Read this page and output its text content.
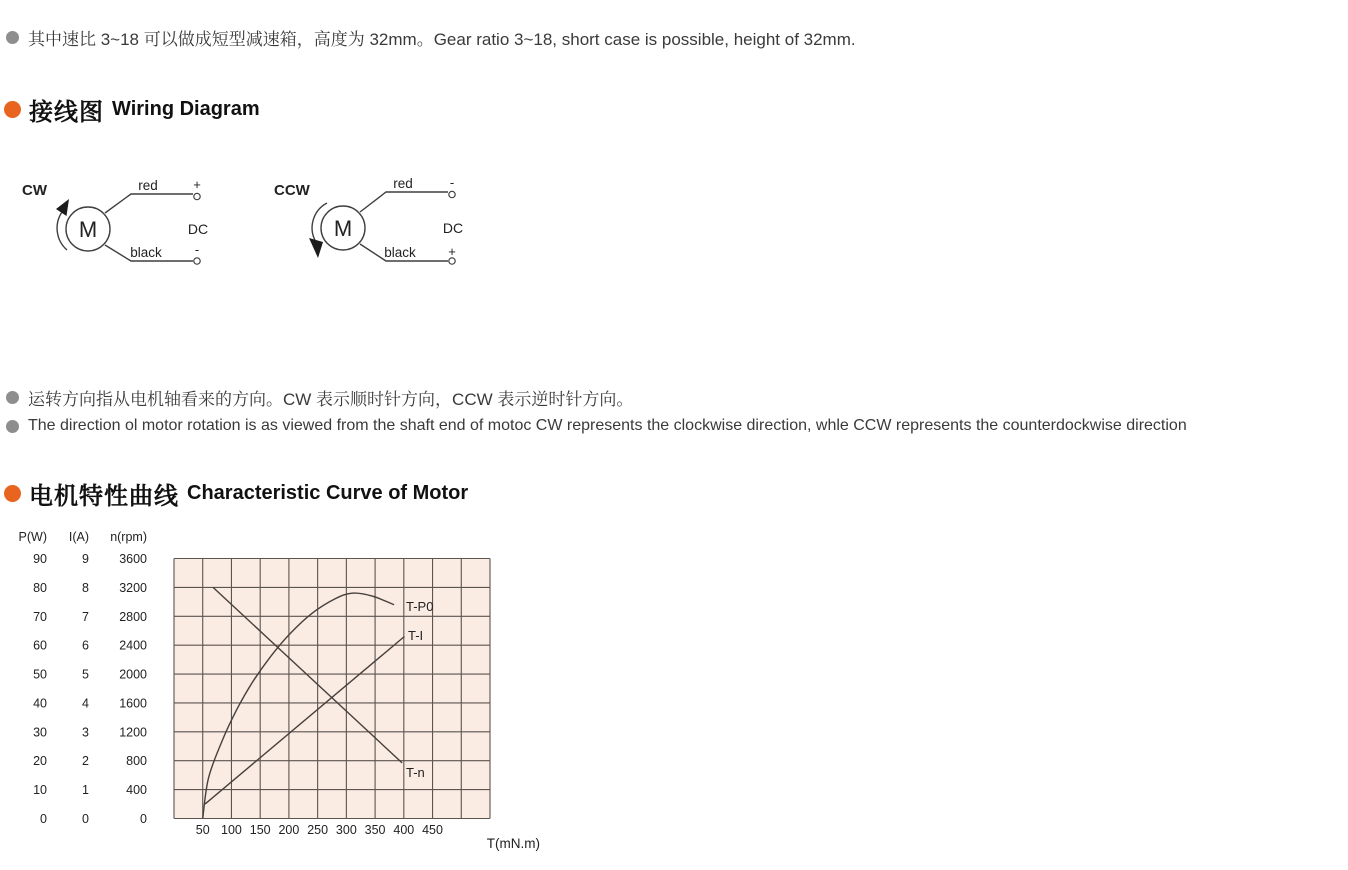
其中速比 3~18 可以做成短型减速箱，高度为 32mm。Gear ratio 3~18, short case is possible, height of 32mm.
接线图 Wiring Diagram
CW
M
red	+
black	-
DC
CCW
M
red	-
black +
DC
运转方向指从电机轴看来的方向。CW 表示顺时针方向，CCW 表示逆时针方向。
The direction ol motor rotation is as viewed from the shaft end of motoc CW represents the clockwise direction, whle CCW represents the counterdockwise direction
电机特性曲线 Characteristic Curve of Motor
50 100 150 200 250 300 350 400 450
T(mN.m)
P(W)
90
80
70
60
50
40
30
20
10
0
I(A)
9
8
7
6
5
4
3
2
1
0
n(rpm)
3600
3200
2800
2400
2000
1600
1200
800
400
0
T-P0
T-I
T-n
